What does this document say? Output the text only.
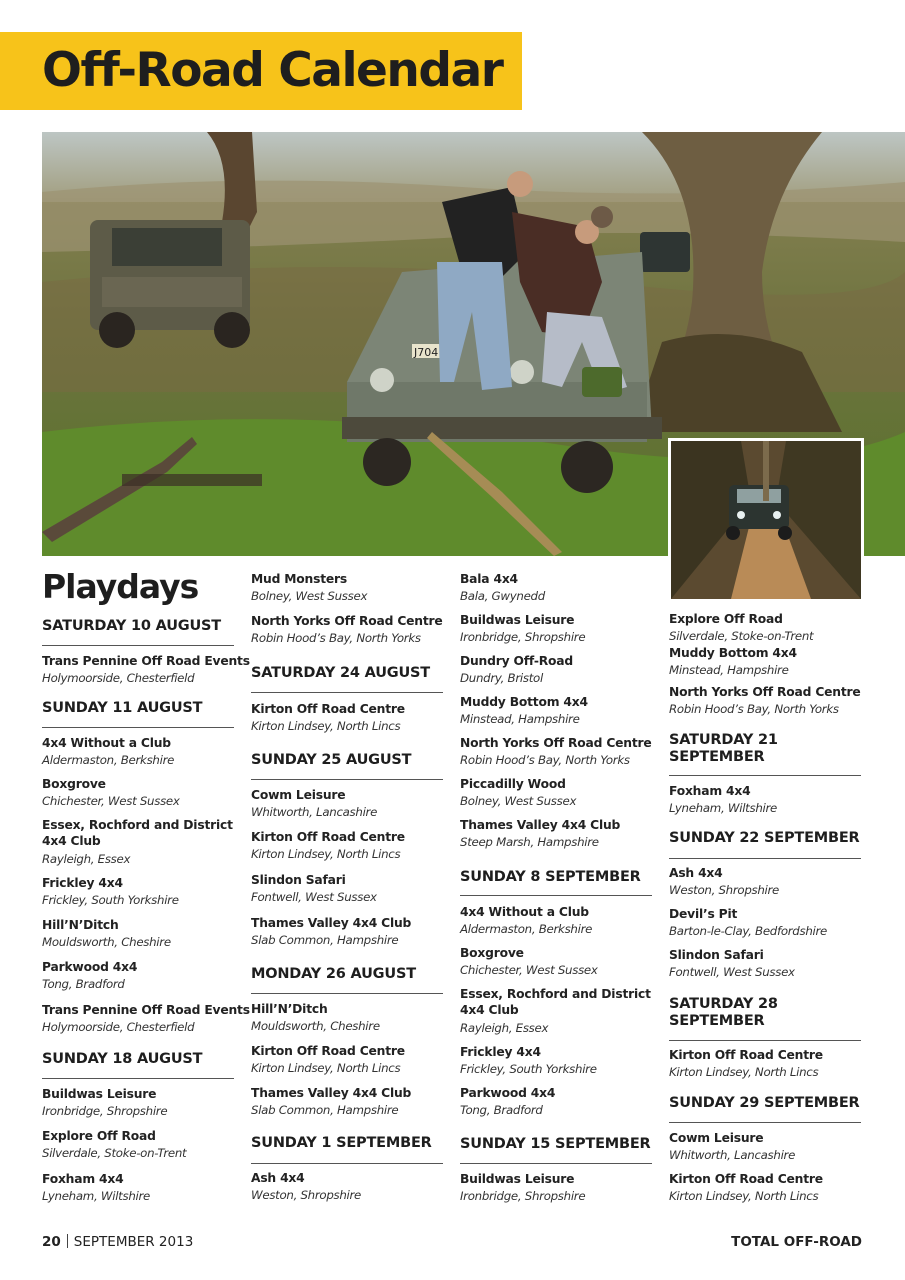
Off-Road Calendar
J704
Playdays
SATURDAY 10 AUGUST
SUNDAY 11 AUGUST
SUNDAY 18 AUGUST
SATURDAY 24 AUGUST
SUNDAY 25 AUGUST
MONDAY 26 AUGUST
SUNDAY 1 SEPTEMBER
SUNDAY 8 SEPTEMBER
SUNDAY 15 SEPTEMBER
SATURDAY 21
SEPTEMBER
SUNDAY 22 SEPTEMBER
SATURDAY 28
SEPTEMBER
SUNDAY 29 SEPTEMBER
Trans Pennine Off Road Events
Holymoorside, Chesterfield
4x4 Without a Club
Aldermaston, Berkshire
Boxgrove
Chichester, West Sussex
Essex, Rochford and District
4x4 Club
Rayleigh, Essex
Frickley 4x4
Frickley, South Yorkshire
Hill’N’Ditch
Mouldsworth, Cheshire
Parkwood 4x4
Tong, Bradford
Trans Pennine Off Road Events
Holymoorside, Chesterfield
Buildwas Leisure
Ironbridge, Shropshire
Explore Off Road
Silverdale, Stoke-on-Trent
Foxham 4x4
Lyneham, Wiltshire
Mud Monsters
Bolney, West Sussex
North Yorks Off Road Centre
Robin Hood’s Bay, North Yorks
Kirton Off Road Centre
Kirton Lindsey, North Lincs
Cowm Leisure
Whitworth, Lancashire
Kirton Off Road Centre
Kirton Lindsey, North Lincs
Slindon Safari
Fontwell, West Sussex
Thames Valley 4x4 Club
Slab Common, Hampshire
Hill’N’Ditch
Mouldsworth, Cheshire
Kirton Off Road Centre
Kirton Lindsey, North Lincs
Thames Valley 4x4 Club
Slab Common, Hampshire
Ash 4x4
Weston, Shropshire
Bala 4x4
Bala, Gwynedd
Buildwas Leisure
Ironbridge, Shropshire
Dundry Off-Road
Dundry, Bristol
Muddy Bottom 4x4
Minstead, Hampshire
North Yorks Off Road Centre
Robin Hood’s Bay, North Yorks
Piccadilly Wood
Bolney, West Sussex
Thames Valley 4x4 Club
Steep Marsh, Hampshire
4x4 Without a Club
Aldermaston, Berkshire
Boxgrove
Chichester, West Sussex
Essex, Rochford and District
4x4 Club
Rayleigh, Essex
Frickley 4x4
Frickley, South Yorkshire
Parkwood 4x4
Tong, Bradford
Buildwas Leisure
Ironbridge, Shropshire
Explore Off Road
Silverdale, Stoke-on-Trent
Muddy Bottom 4x4
Minstead, Hampshire
North Yorks Off Road Centre
Robin Hood’s Bay, North Yorks
Foxham 4x4
Lyneham, Wiltshire
Ash 4x4
Weston, Shropshire
Devil’s Pit
Barton-le-Clay, Bedfordshire
Slindon Safari
Fontwell, West Sussex
Kirton Off Road Centre
Kirton Lindsey, North Lincs
Cowm Leisure
Whitworth, Lancashire
Kirton Off Road Centre
Kirton Lindsey, North Lincs
20 SEPTEMBER 2013	TOTAL OFF-ROAD
